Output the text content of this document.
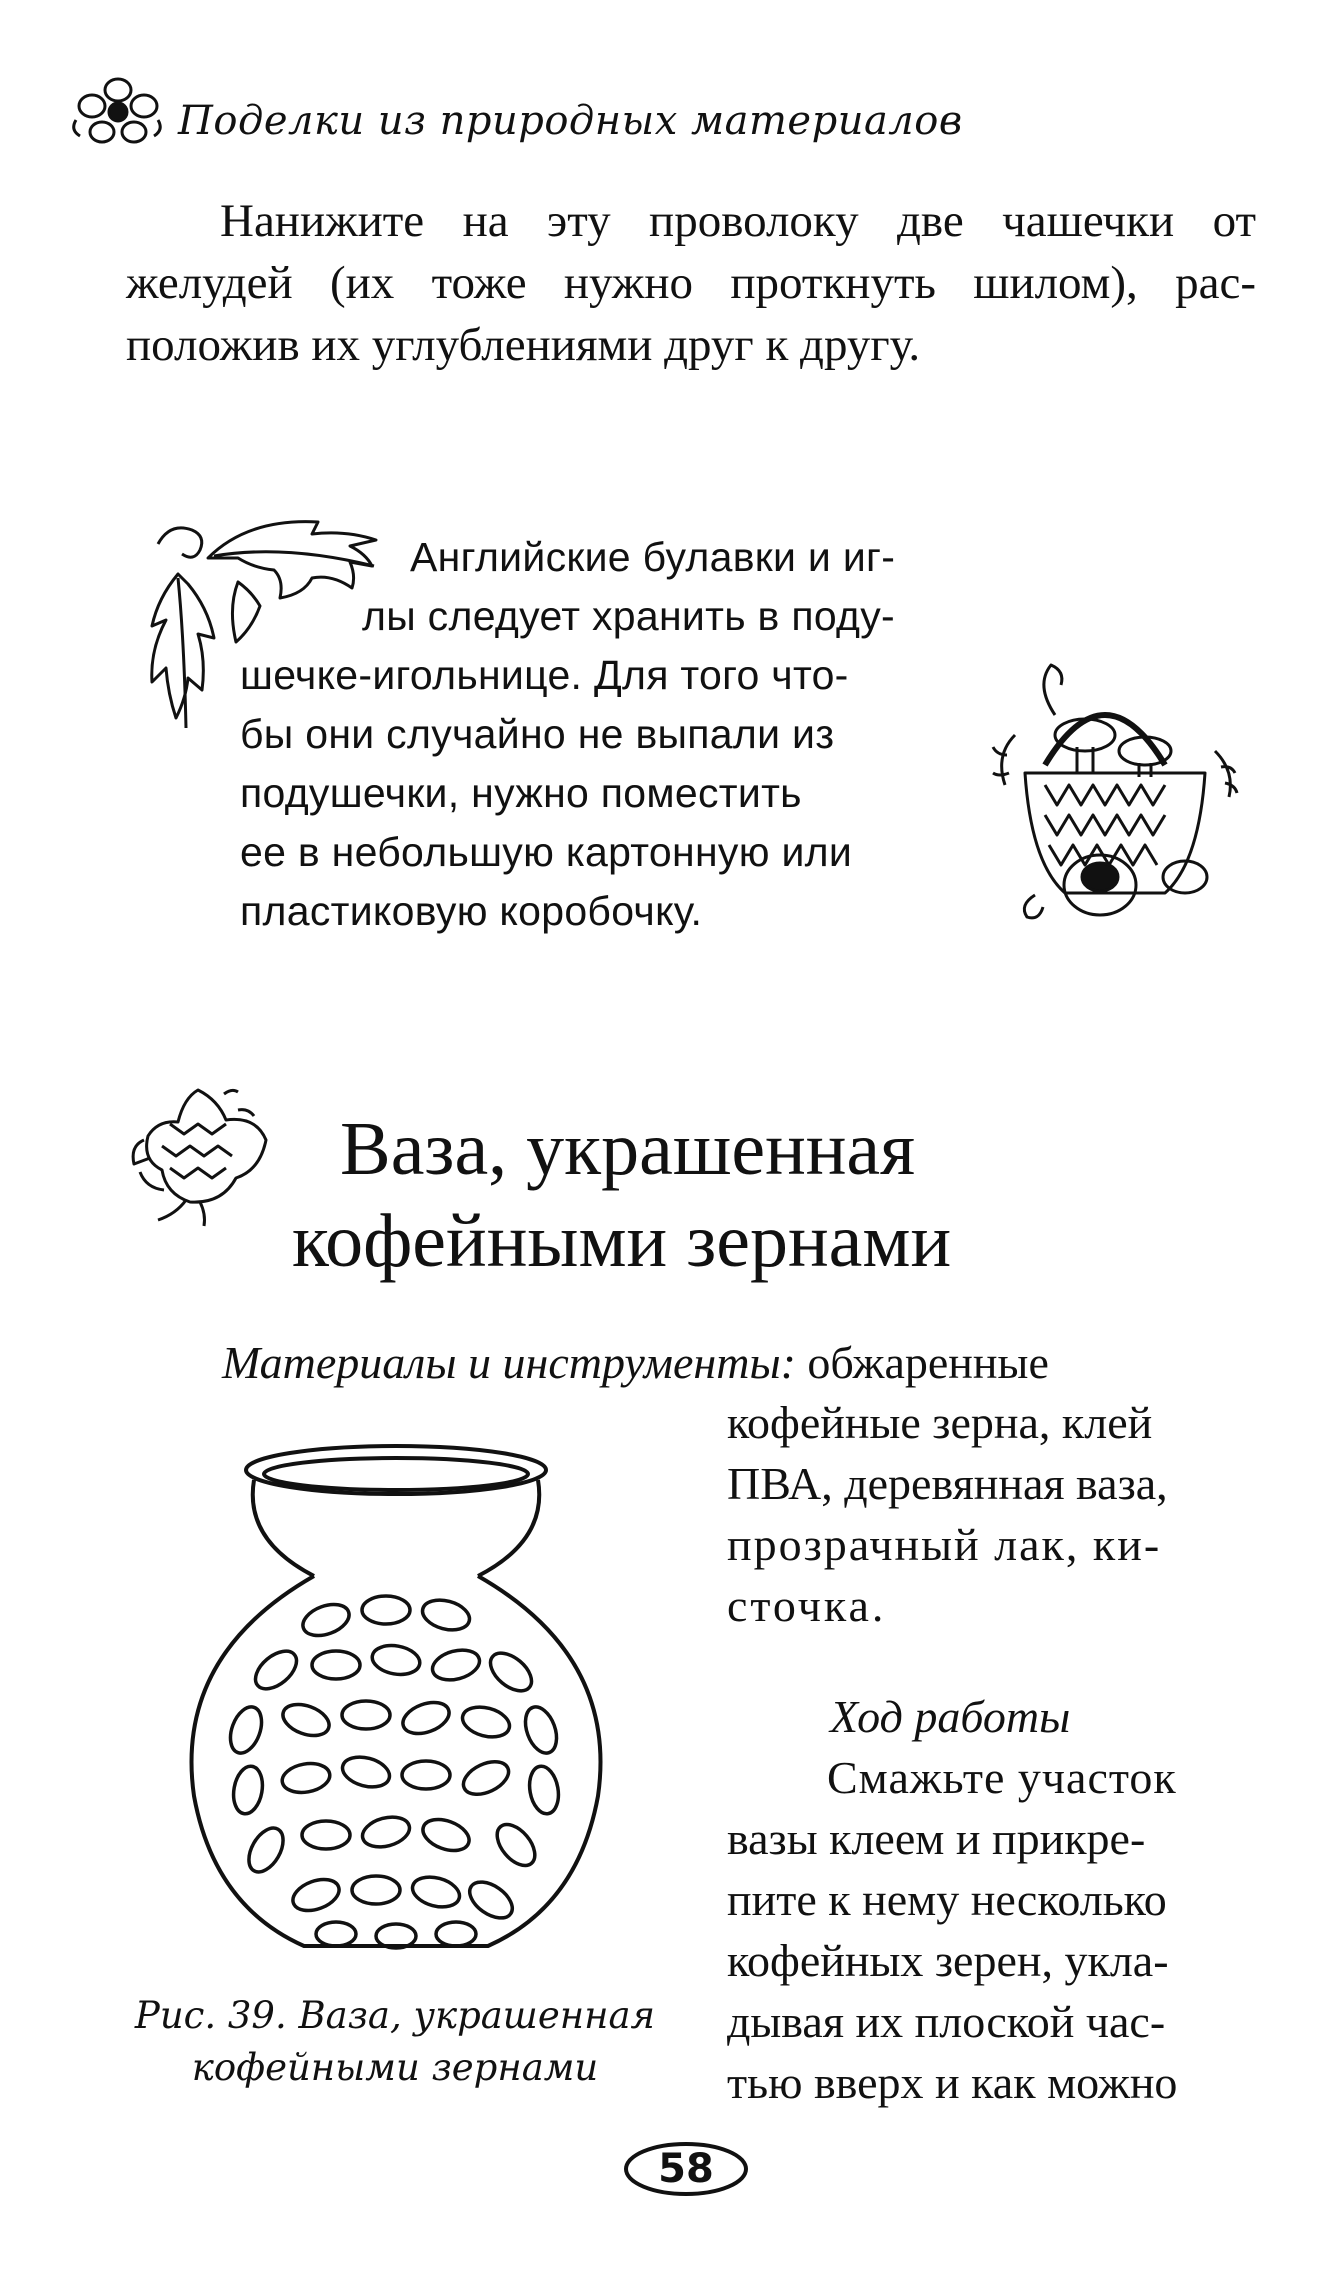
Поделки из природных материалов
Нанижите на эту проволоку две чашечки от
желудей (их тоже нужно проткнуть шилом), рас-
положив их углублениями друг к другу.
Английские булавки и иг-
лы следует хранить в поду-
шечке-игольнице. Для того что-
бы они случайно не выпали из
подушечки, нужно поместить
ее в небольшую картонную или
пластиковую коробочку.
Ваза, украшенная
кофейными зернами
Материалы и инструменты: обжаренные
кофейные зерна, клей
ПВА, деревянная ваза,
прозрачный лак, ки-
сточка.
Рис. 39. Ваза, украшенная
кофейными зернами
Ход работы
Смажьте участок
вазы клеем и прикре-
пите к нему несколько
кофейных зерен, укла-
дывая их плоской час-
тью вверх и как можно
58
